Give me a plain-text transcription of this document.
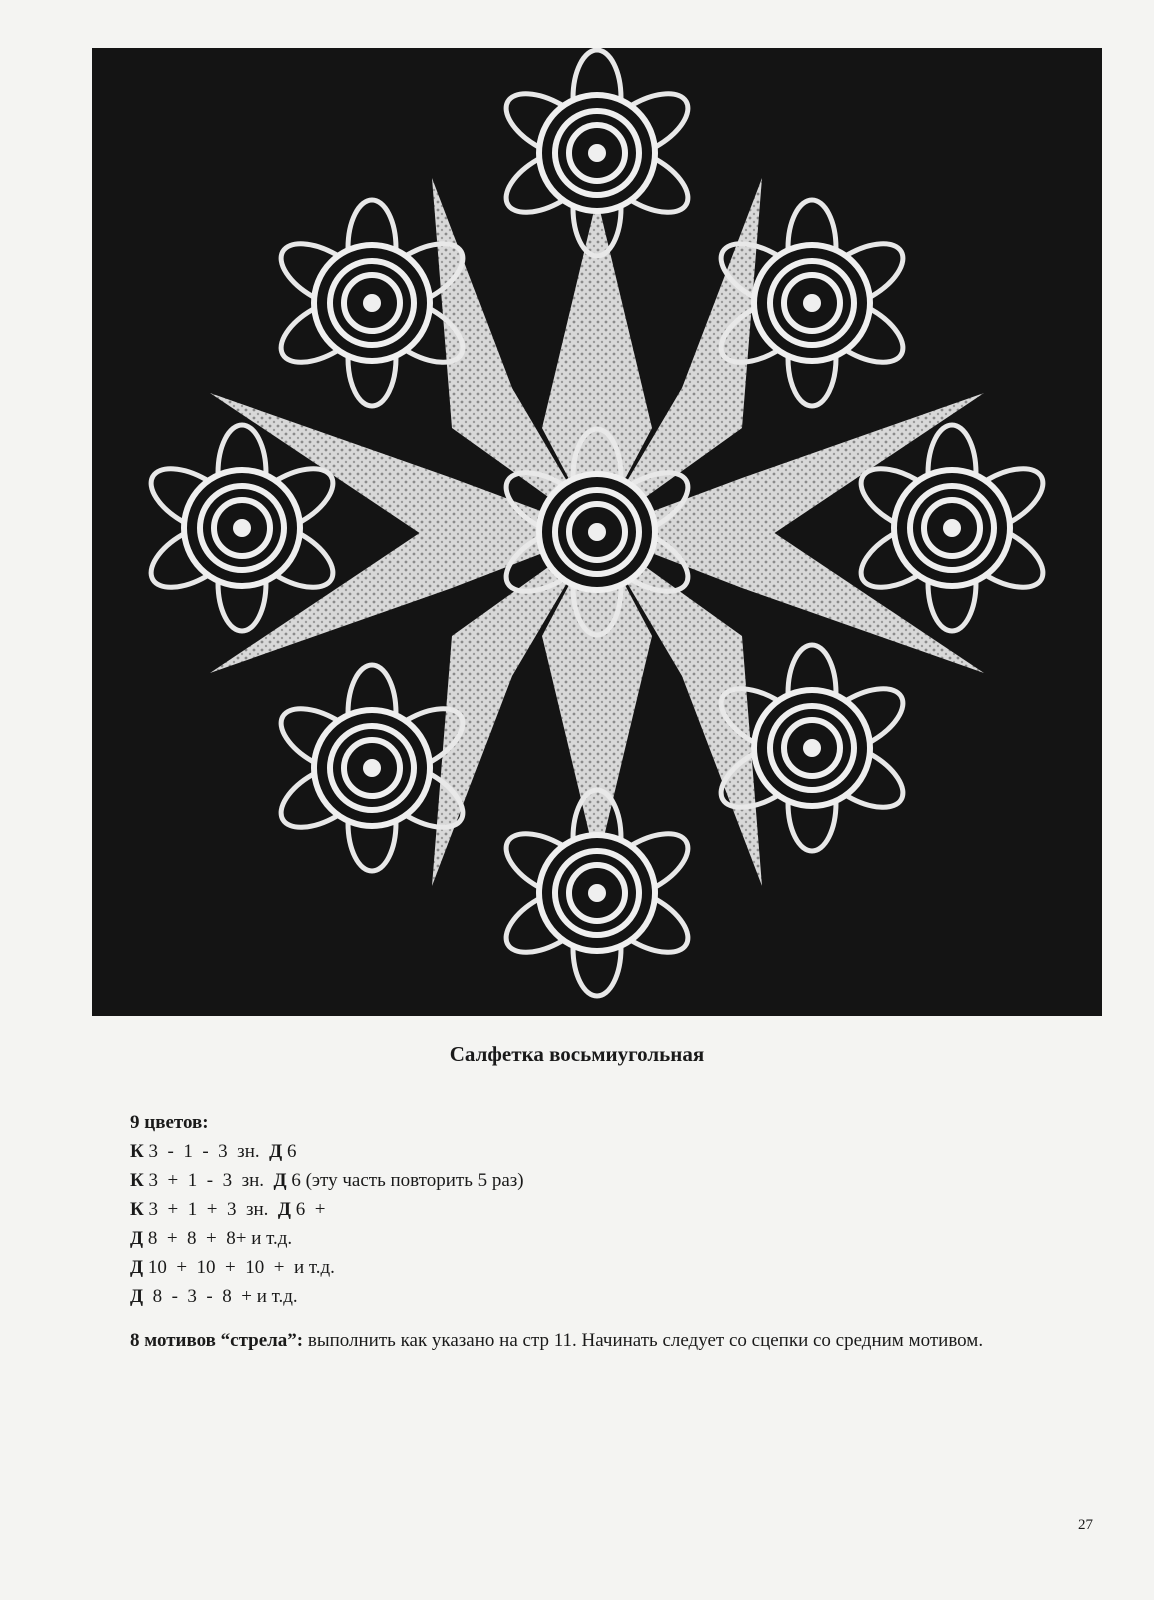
Салфетка восьмиугольная
9 цветов:
К 3  -  1  -  3  зн.  Д 6
К 3  +  1  -  3  зн.  Д 6 (эту часть повторить 5 раз)
К 3  +  1  +  3  зн.  Д 6  +
Д 8  +  8  +  8+ и т.д.
Д 10  +  10  +  10  +  и т.д.
Д  8  -  3  -  8  + и т.д.
8 мотивов “стрела”: выполнить как указано на стр 11. Начинать следует со сцепки со средним мотивом.
27
